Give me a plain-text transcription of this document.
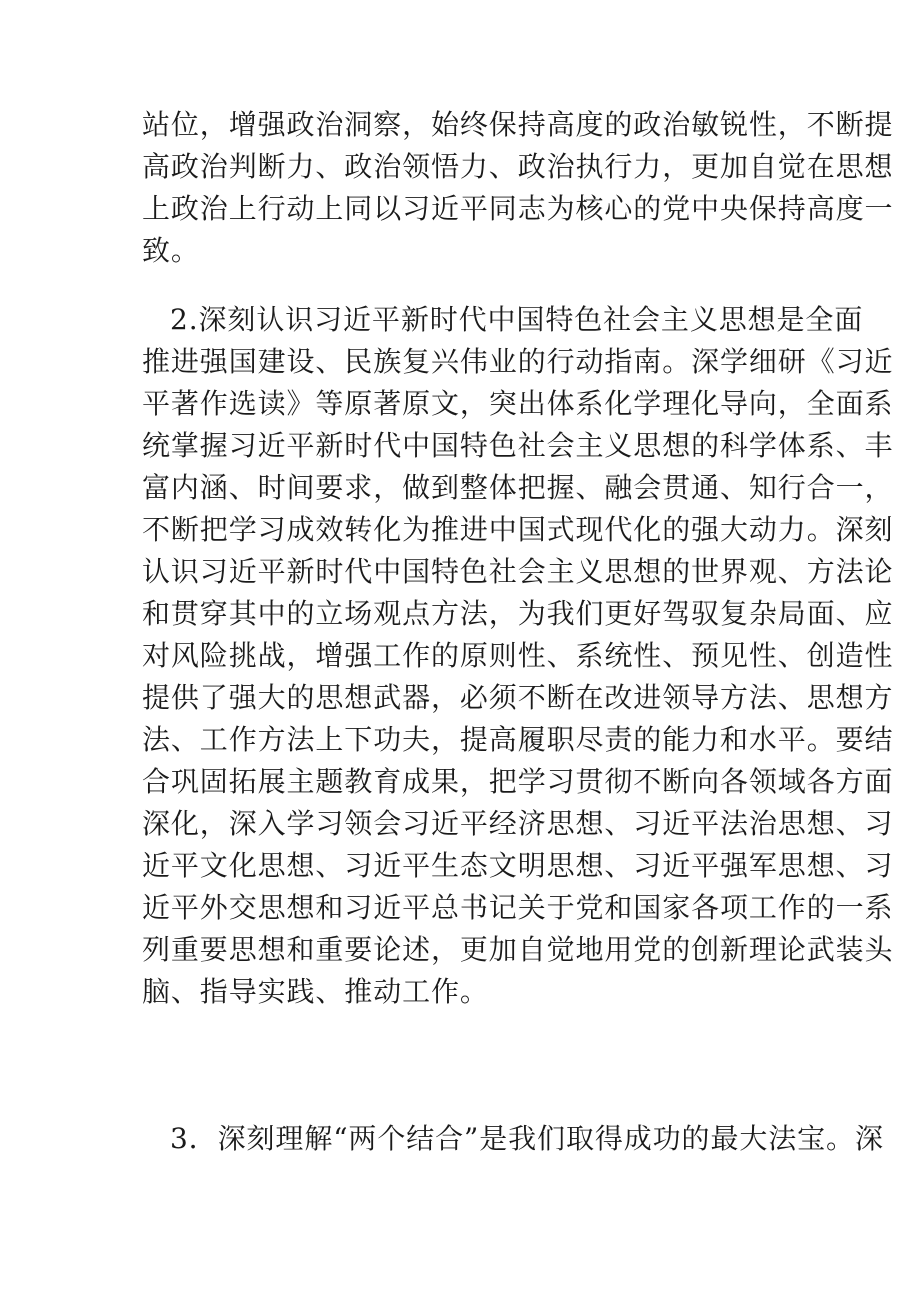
站位，增强政治洞察，始终保持高度的政治敏锐性，不断提
高政治判断力、政治领悟力、政治执行力，更加自觉在思想
上政治上行动上同以习近平同志为核心的党中央保持高度一
致。
2.深刻认识习近平新时代中国特色社会主义思想是全面
推进强国建设、民族复兴伟业的行动指南。深学细研《习近
平著作选读》等原著原文，突出体系化学理化导向，全面系
统掌握习近平新时代中国特色社会主义思想的科学体系、丰
富内涵、时间要求，做到整体把握、融会贯通、知行合一，
不断把学习成效转化为推进中国式现代化的强大动力。深刻
认识习近平新时代中国特色社会主义思想的世界观、方法论
和贯穿其中的立场观点方法，为我们更好驾驭复杂局面、应
对风险挑战，增强工作的原则性、系统性、预见性、创造性
提供了强大的思想武器，必须不断在改进领导方法、思想方
法、工作方法上下功夫，提高履职尽责的能力和水平。要结
合巩固拓展主题教育成果，把学习贯彻不断向各领域各方面
深化，深入学习领会习近平经济思想、习近平法治思想、习
近平文化思想、习近平生态文明思想、习近平强军思想、习
近平外交思想和习近平总书记关于党和国家各项工作的一系
列重要思想和重要论述，更加自觉地用党的创新理论武装头
脑、指导实践、推动工作。
3．深刻理解“两个结合”是我们取得成功的最大法宝。深
